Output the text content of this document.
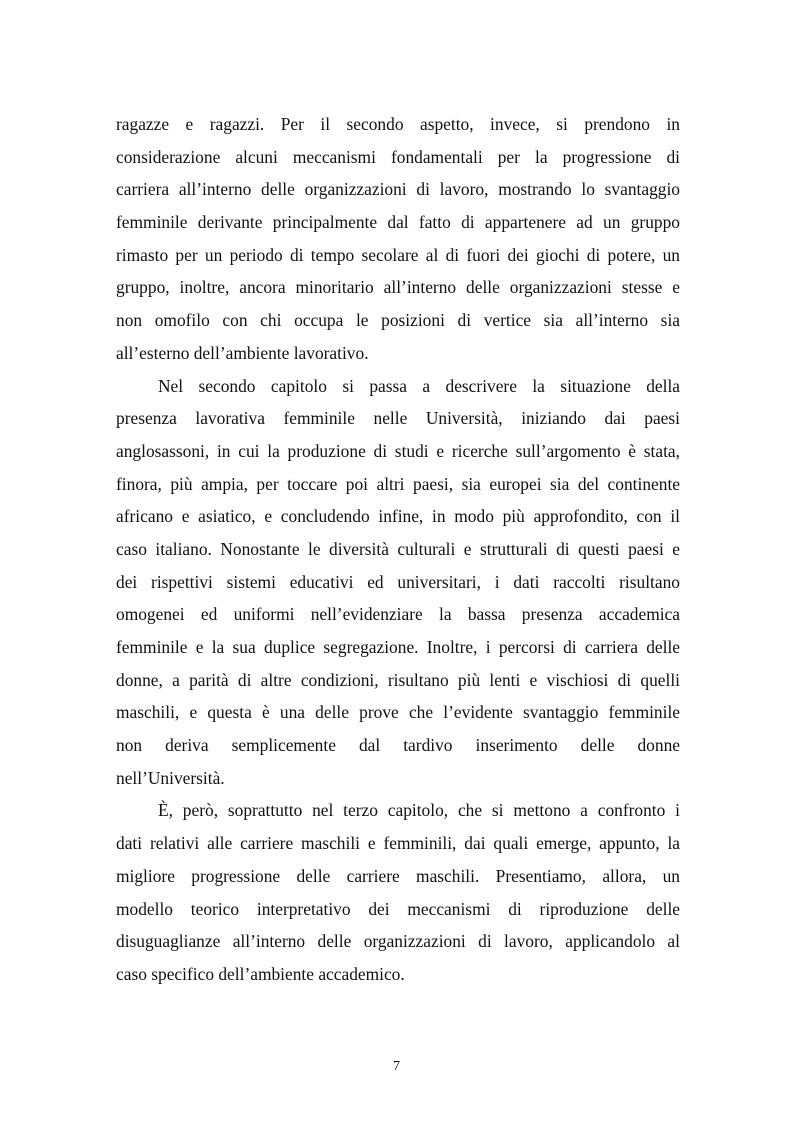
ragazze e ragazzi. Per il secondo aspetto, invece, si prendono in
considerazione alcuni meccanismi fondamentali per la progressione di
carriera all’interno delle organizzazioni di lavoro, mostrando lo svantaggio
femminile derivante principalmente dal fatto di appartenere ad un gruppo
rimasto per un periodo di tempo secolare al di fuori dei giochi di potere, un
gruppo, inoltre, ancora minoritario all’interno delle organizzazioni stesse e
non omofilo con chi occupa le posizioni di vertice sia all’interno sia
all’esterno dell’ambiente lavorativo.
Nel secondo capitolo si passa a descrivere la situazione della
presenza lavorativa femminile nelle Università, iniziando dai paesi
anglosassoni, in cui la produzione di studi e ricerche sull’argomento è stata,
finora, più ampia, per toccare poi altri paesi, sia europei sia del continente
africano e asiatico, e concludendo infine, in modo più approfondito, con il
caso italiano. Nonostante le diversità culturali e strutturali di questi paesi e
dei rispettivi sistemi educativi ed universitari, i dati raccolti risultano
omogenei ed uniformi nell’evidenziare la bassa presenza accademica
femminile e la sua duplice segregazione. Inoltre, i percorsi di carriera delle
donne, a parità di altre condizioni, risultano più lenti e vischiosi di quelli
maschili, e questa è una delle prove che l’evidente svantaggio femminile
non deriva semplicemente dal tardivo inserimento delle donne
nell’Università.
È, però, soprattutto nel terzo capitolo, che si mettono a confronto i
dati relativi alle carriere maschili e femminili, dai quali emerge, appunto, la
migliore progressione delle carriere maschili. Presentiamo, allora, un
modello teorico interpretativo dei meccanismi di riproduzione delle
disuguaglianze all’interno delle organizzazioni di lavoro, applicandolo al
caso specifico dell’ambiente accademico.
7
